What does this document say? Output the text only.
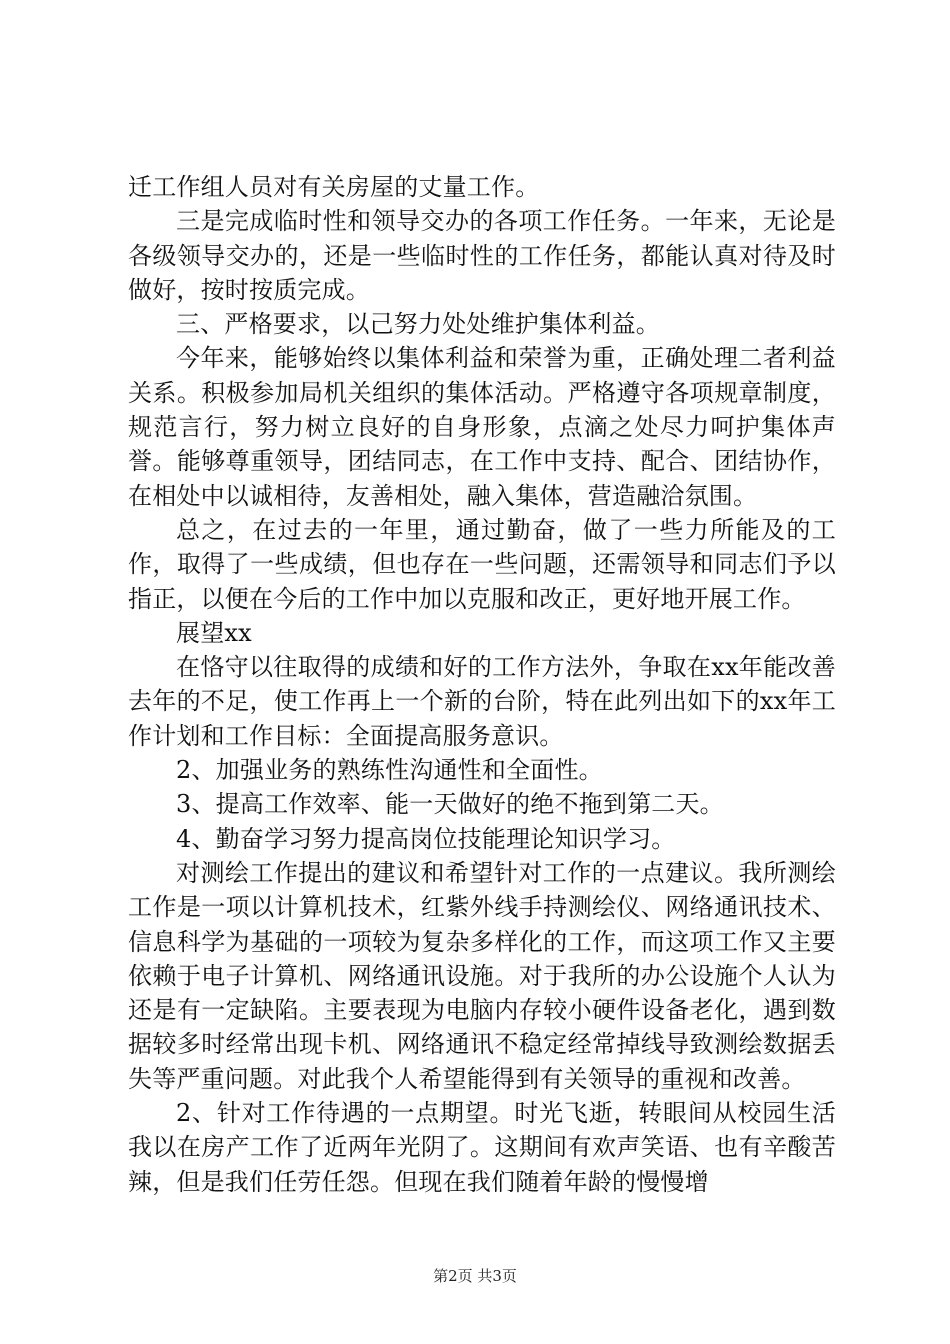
迁工作组人员对有关房屋的丈量工作。

三是完成临时性和领导交办的各项工作任务。一年来，无论是各级领导交办的，还是一些临时性的工作任务，都能认真对待及时做好，按时按质完成。

三、严格要求，以己努力处处维护集体利益。

今年来，能够始终以集体利益和荣誉为重，正确处理二者利益关系。积极参加局机关组织的集体活动。严格遵守各项规章制度，规范言行，努力树立良好的自身形象，点滴之处尽力呵护集体声誉。能够尊重领导，团结同志，在工作中支持、配合、团结协作，在相处中以诚相待，友善相处，融入集体，营造融洽氛围。

总之，在过去的一年里，通过勤奋，做了一些力所能及的工作，取得了一些成绩，但也存在一些问题，还需领导和同志们予以指正，以便在今后的工作中加以克服和改正，更好地开展工作。

展望xx

在恪守以往取得的成绩和好的工作方法外，争取在xx年能改善去年的不足，使工作再上一个新的台阶，特在此列出如下的xx年工作计划和工作目标：全面提高服务意识。

2、加强业务的熟练性沟通性和全面性。

3、提高工作效率、能一天做好的绝不拖到第二天。

4、勤奋学习努力提高岗位技能理论知识学习。

对测绘工作提出的建议和希望针对工作的一点建议。我所测绘工作是一项以计算机技术，红紫外线手持测绘仪、网络通讯技术、信息科学为基础的一项较为复杂多样化的工作，而这项工作又主要依赖于电子计算机、网络通讯设施。对于我所的办公设施个人认为还是有一定缺陷。主要表现为电脑内存较小硬件设备老化，遇到数据较多时经常出现卡机、网络通讯不稳定经常掉线导致测绘数据丢失等严重问题。对此我个人希望能得到有关领导的重视和改善。

2、针对工作待遇的一点期望。时光飞逝，转眼间从校园生活我以在房产工作了近两年光阴了。这期间有欢声笑语、也有辛酸苦辣，但是我们任劳任怨。但现在我们随着年龄的慢慢增

第2页 共3页
